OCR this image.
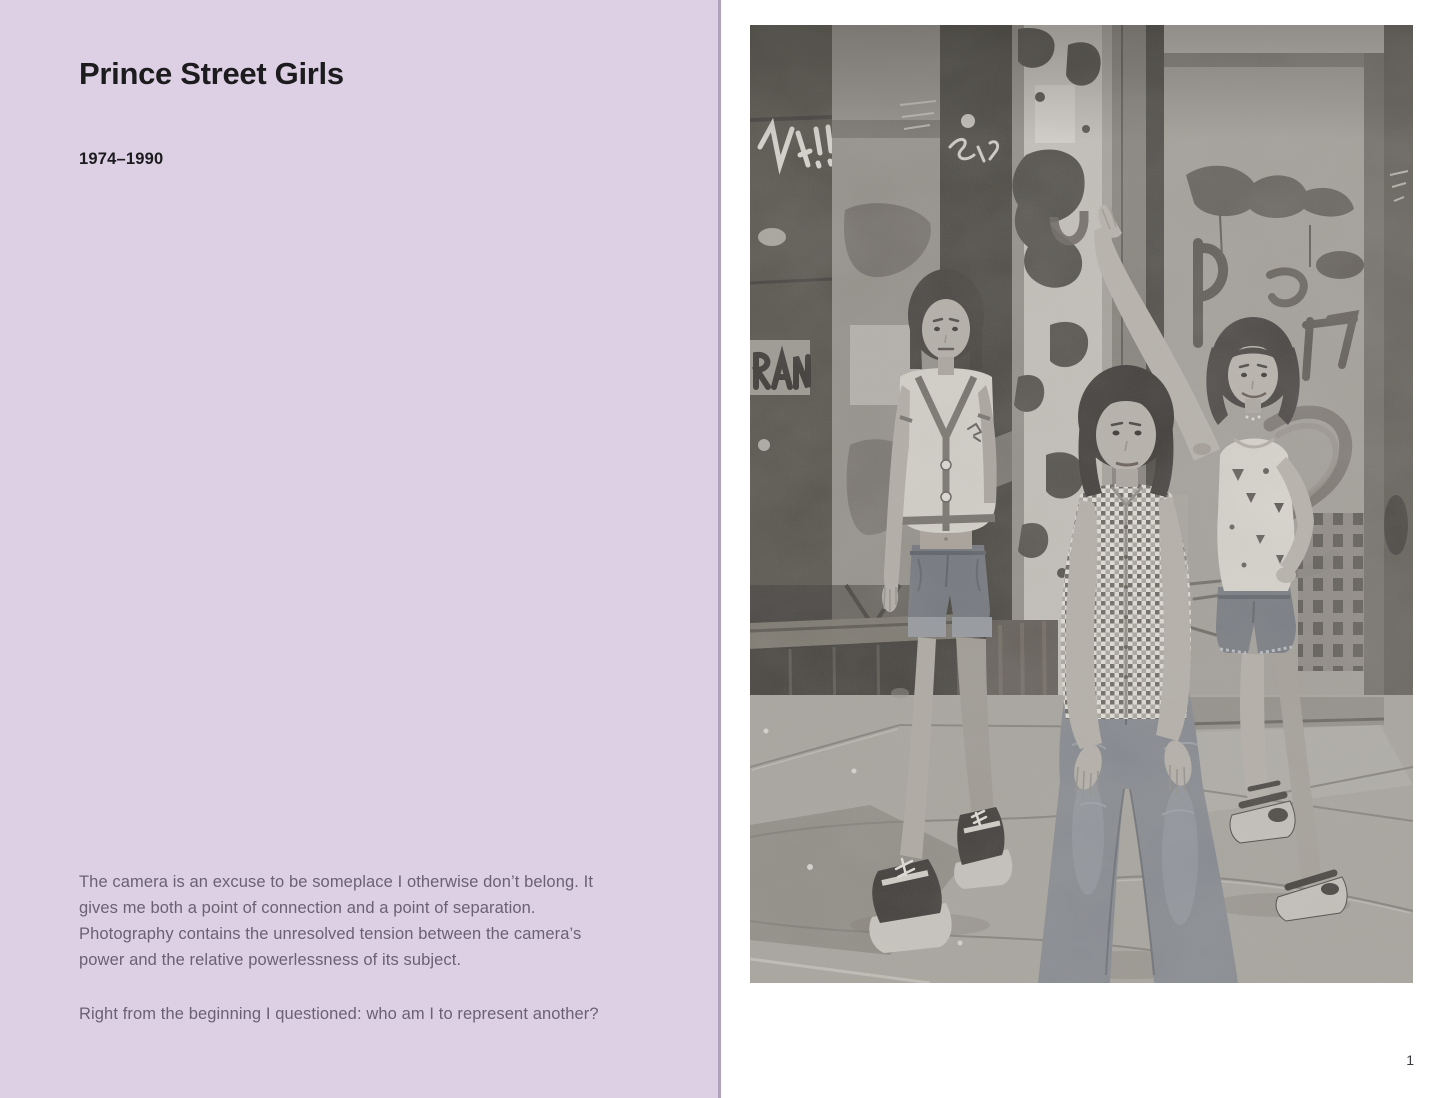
Prince Street Girls
1974–1990

The camera is an excuse to be someplace I otherwise don’t belong. It gives me both a point of connection and a point of separation. Photography contains the unresolved tension between the camera’s power and the relative powerlessness of its subject.

Right from the beginning I questioned: who am I to represent another?

1
